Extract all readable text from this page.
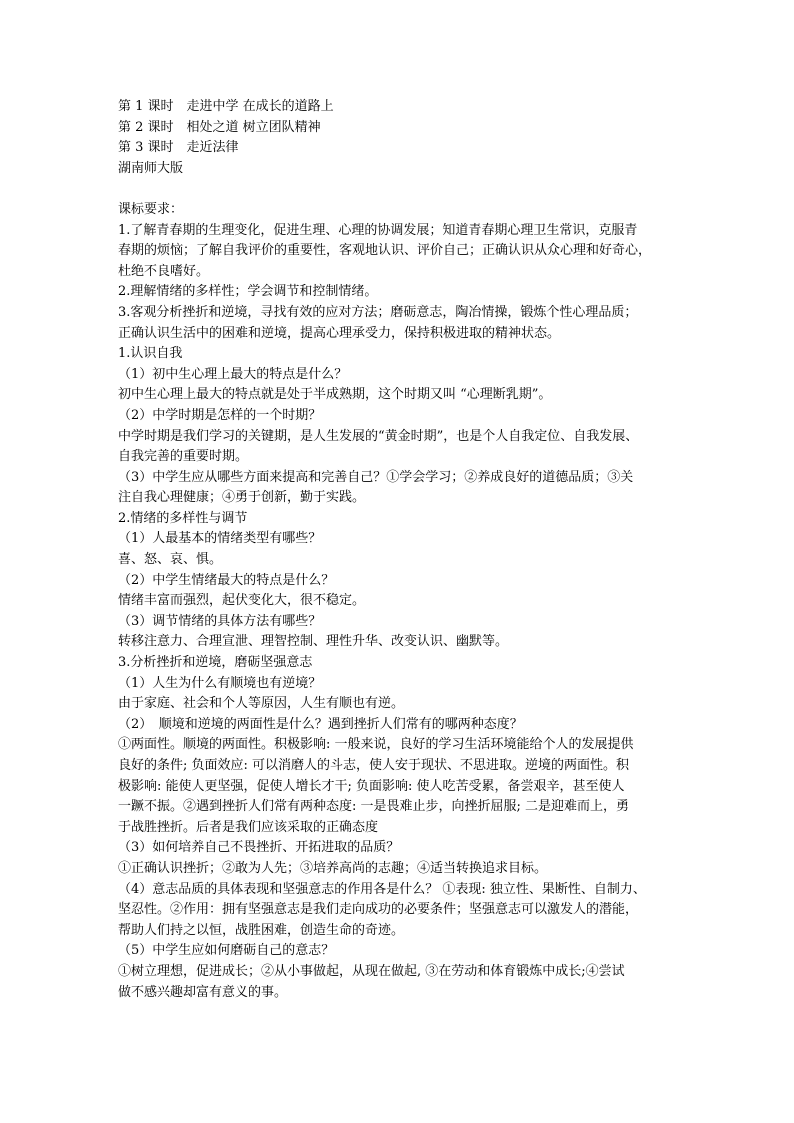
第 1 课时　走进中学 在成长的道路上
第 2 课时　相处之道 树立团队精神
第 3 课时　走近法律
湖南师大版
课标要求：
1.了解青春期的生理变化，促进生理、心理的协调发展；知道青春期心理卫生常识，克服青
春期的烦恼；了解自我评价的重要性，客观地认识、评价自己；正确认识从众心理和好奇心，
杜绝不良嗜好。
2.理解情绪的多样性；学会调节和控制情绪。
3.客观分析挫折和逆境，寻找有效的应对方法；磨砺意志，陶冶情操，锻炼个性心理品质；
正确认识生活中的困难和逆境，提高心理承受力，保持积极进取的精神状态。
1.认识自我
（1）初中生心理上最大的特点是什么？
初中生心理上最大的特点就是处于半成熟期，这个时期又叫 “心理断乳期”。
（2）中学时期是怎样的一个时期？
中学时期是我们学习的关键期，是人生发展的“黄金时期”，也是个人自我定位、自我发展、
自我完善的重要时期。
（3）中学生应从哪些方面来提高和完善自己？①学会学习；②养成良好的道德品质；③关
注自我心理健康；④勇于创新，勤于实践。
2.情绪的多样性与调节
（1）人最基本的情绪类型有哪些？
喜、怒、哀、惧。
（2）中学生情绪最大的特点是什么？
情绪丰富而强烈，起伏变化大，很不稳定。
（3）调节情绪的具体方法有哪些？
转移注意力、合理宣泄、理智控制、理性升华、改变认识、幽默等。
3.分析挫折和逆境，磨砺坚强意志
（1）人生为什么有顺境也有逆境？
由于家庭、社会和个人等原因，人生有顺也有逆。
（2）　顺境和逆境的两面性是什么？遇到挫折人们常有的哪两种态度？
①两面性。顺境的两面性。积极影响: 一般来说，良好的学习生活环境能给个人的发展提供
良好的条件; 负面效应: 可以消磨人的斗志，使人安于现状、不思进取。逆境的两面性。积
极影响: 能使人更坚强，促使人增长才干; 负面影响: 使人吃苦受累，备尝艰辛，甚至使人
一蹶不振。②遇到挫折人们常有两种态度: 一是畏难止步，向挫折屈服; 二是迎难而上，勇
于战胜挫折。后者是我们应该采取的正确态度
（3）如何培养自己不畏挫折、开拓进取的品质？
①正确认识挫折；②敢为人先；③培养高尚的志趣；④适当转换追求目标。
（4）意志品质的具体表现和坚强意志的作用各是什么？ ①表现: 独立性、果断性、自制力、
坚忍性。②作用：拥有坚强意志是我们走向成功的必要条件；坚强意志可以激发人的潜能，
帮助人们持之以恒，战胜困难，创造生命的奇迹。
（5）中学生应如何磨砺自己的意志？
①树立理想，促进成长；②从小事做起，从现在做起, ③在劳动和体育锻炼中成长;④尝试
做不感兴趣却富有意义的事。
